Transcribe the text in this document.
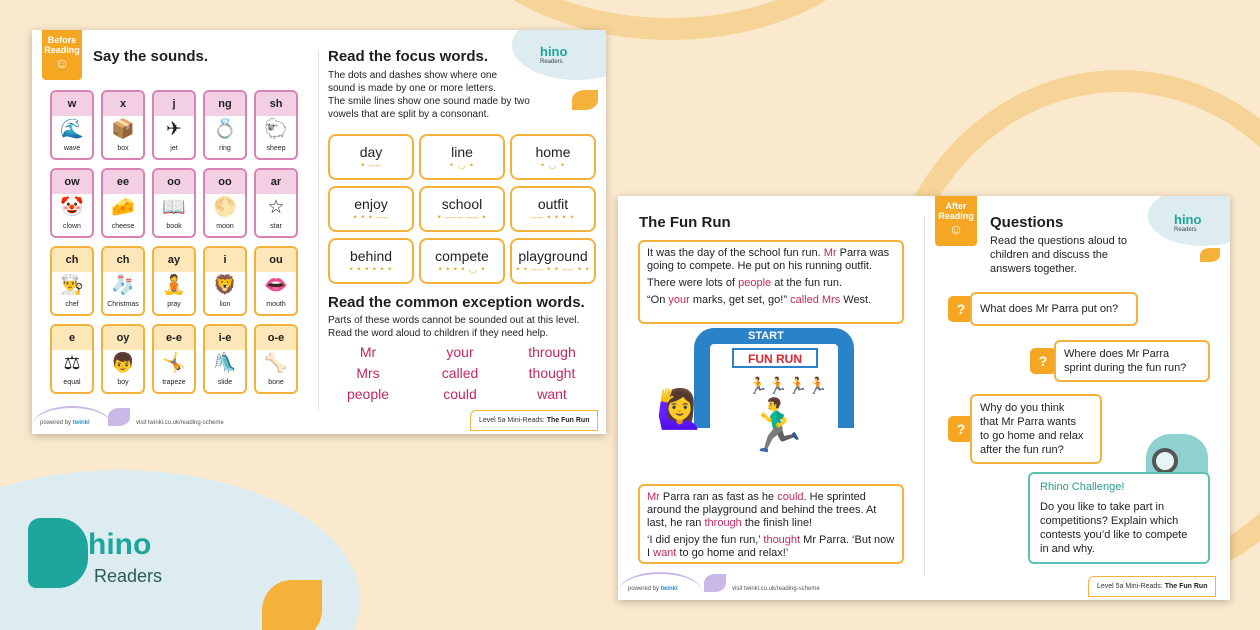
hino
Readers
Before
Reading
☺	Say the sounds.
w
🌊
wave
x
📦
box
j
✈
jet
ng
💍
ring
sh
🐑
sheep
ow
🤡
clown
ee
🧀
cheese
oo
📖
book
oo
🌕
moon
ar
☆
star
ch
👨‍🍳
chef
ch
🧦
Christmas
ay
🧘
pray
i
🦁
lion
ou
👄
mouth
e
⚖
equal
oy
👦
boy
e-e
🤸
trapeze
i-e
🛝
slide
o-e
🦴
bone
Read the focus words.
The dots and dashes show where one
sound is made by one or more letters.
The smile lines show one sound made by two
vowels that are split by a consonant.
hino
Readers
day
• ‒‒
line
• ◡ •
home
• ◡ •
enjoy
• • • ‒‒
school
• ‒‒‒ ‒‒ •
outfit
‒‒ • • • •
behind
• • • • • •
compete
• • • • ◡ •
playground
• • ‒‒ • • ‒‒ • •
Read the common exception words.
Parts of these words cannot be sounded out at this level.
Read the word aloud to children if they need help.
Mr	your	through
Mrs	called	thought
people	could	want
powered by twinkl	visit twinkl.co.uk/reading-scheme	Level 5a Mini-Reads: The Fun Run
The Fun Run
It was the day of the school fun run. Mr Parra was going to compete. He put on his running outfit.
There were lots of people at the fun run.
“On your marks, get set, go!” called Mrs West.
START
FUN RUN
🏃🏃🏃🏃
🏃‍♂️
🙋‍♀️
Mr Parra ran as fast as he could. He sprinted around the playground and behind the trees. At last, he ran through the finish line!
‘I did enjoy the fun run,’ thought Mr Parra. ‘But now I want to go home and relax!’
After
Reading
☺	Questions
Read the questions aloud to
children and discuss the
answers together.
hino
Readers
?	What does Mr Parra put on?
?	Where does Mr Parra
sprint during the fun run?
?
Why do you think
that Mr Parra wants
to go home and relax
after the fun run?
Rhino Challenge!
Do you like to take part in
competitions? Explain which
contests you’d like to compete
in and why.
powered by twinkl	visit twinkl.co.uk/reading-scheme	Level 5a Mini-Reads: The Fun Run
